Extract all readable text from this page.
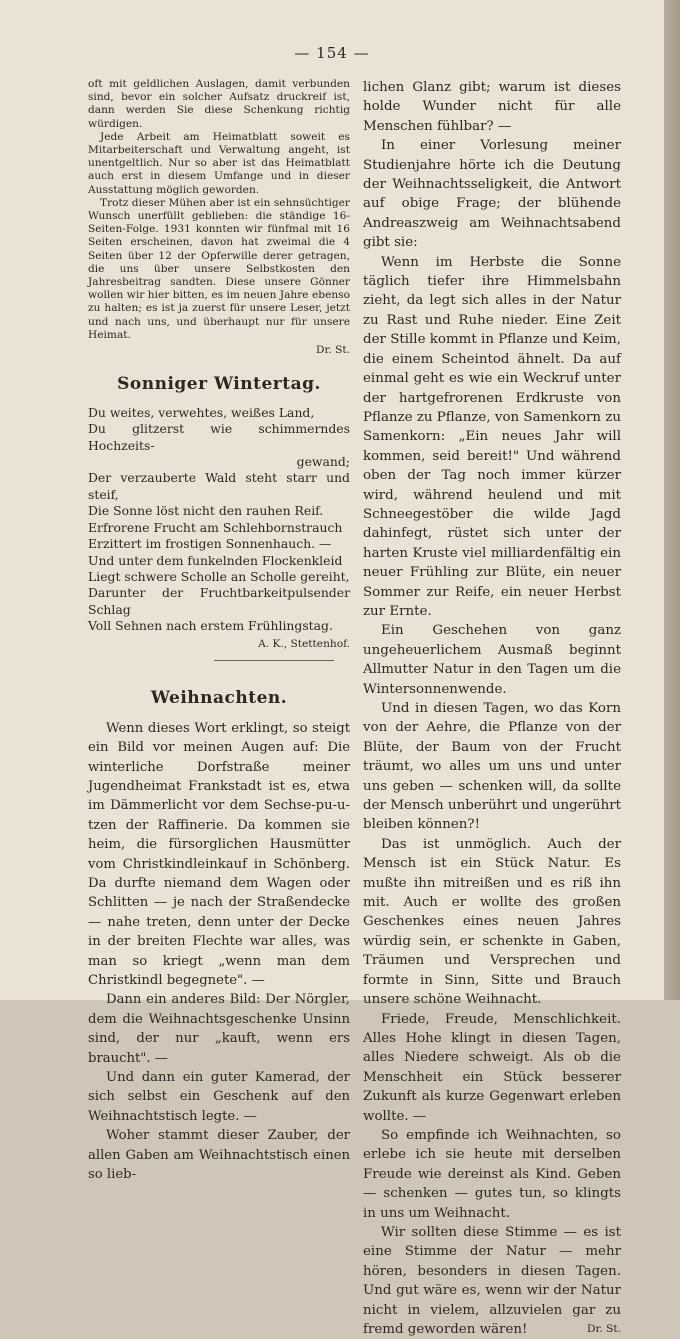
— 154 —

oft mit geldlichen Auslagen, damit verbunden sind, bevor ein solcher Aufsatz druckreif ist, dann werden Sie diese Schenkung richtig würdigen.

Jede Arbeit am Heimatblatt soweit es Mitarbeiterschaft und Verwaltung angeht, ist unentgeltlich. Nur so aber ist das Heimatblatt auch erst in diesem Umfange und in dieser Ausstattung möglich geworden.

Trotz dieser Mühen aber ist ein sehnsüchtiger Wunsch unerfüllt geblieben: die ständige 16-Seiten-Folge. 1931 konnten wir fünfmal mit 16 Seiten erscheinen, davon hat zweimal die 4 Seiten über 12 der Opferwille derer getragen, die uns über unsere Selbstkosten den Jahresbeitrag sandten. Diese unsere Gönner wollen wir hier bitten, es im neuen Jahre ebenso zu halten; es ist ja zuerst für unsere Leser, jetzt und nach uns, und überhaupt nur für unsere Heimat.

Dr. St.
Sonniger Wintertag.
Du weites, verwehtes, weißes Land,
Du glitzerst wie schimmerndes Hochzeits-
gewand;
Der verzauberte Wald steht starr und steif,
Die Sonne löst nicht den rauhen Reif.
Erfrorene Frucht am Schlehbornstrauch
Erzittert im frostigen Sonnenhauch. —
Und unter dem funkelnden Flockenkleid
Liegt schwere Scholle an Scholle gereiht,
Darunter der Fruchtbarkeitpulsender Schlag
Voll Sehnen nach erstem Frühlingstag.
A. K., Stettenhof.
Weihnachten.

Wenn dieses Wort erklingt, so steigt ein Bild vor meinen Augen auf: Die winterliche Dorfstraße meiner Jugendheimat Frankstadt ist es, etwa im Dämmerlicht vor dem Sechse-pu-u-tzen der Raffinerie. Da kommen sie heim, die fürsorglichen Hausmütter vom Christkindleinkauf in Schönberg. Da durfte niemand dem Wagen oder Schlitten — je nach der Straßendecke — nahe treten, denn unter der Decke in der breiten Flechte war alles, was man so kriegt „wenn man dem Christkindl begegnete". —

Dann ein anderes Bild: Der Nörgler, dem die Weihnachtsgeschenke Unsinn sind, der nur „kauft, wenn ers braucht". —

Und dann ein guter Kamerad, der sich selbst ein Geschenk auf den Weihnachtstisch legte. —

Woher stammt dieser Zauber, der allen Gaben am Weihnachtstisch einen so lieb-

lichen Glanz gibt; warum ist dieses holde Wunder nicht für alle Menschen fühlbar? —

In einer Vorlesung meiner Studienjahre hörte ich die Deutung der Weihnachtsseligkeit, die Antwort auf obige Frage; der blühende Andreaszweig am Weihnachtsabend gibt sie:

Wenn im Herbste die Sonne täglich tiefer ihre Himmelsbahn zieht, da legt sich alles in der Natur zu Rast und Ruhe nieder. Eine Zeit der Stille kommt in Pflanze und Keim, die einem Scheintod ähnelt. Da auf einmal geht es wie ein Weckruf unter der hartgefrorenen Erdkruste von Pflanze zu Pflanze, von Samenkorn zu Samenkorn: „Ein neues Jahr will kommen, seid bereit!" Und während oben der Tag noch immer kürzer wird, während heulend und mit Schneegestöber die wilde Jagd dahinfegt, rüstet sich unter der harten Kruste viel milliardenfältig ein neuer Frühling zur Blüte, ein neuer Sommer zur Reife, ein neuer Herbst zur Ernte.

Ein Geschehen von ganz ungeheuerlichem Ausmaß beginnt Allmutter Natur in den Tagen um die Wintersonnenwende.

Und in diesen Tagen, wo das Korn von der Aehre, die Pflanze von der Blüte, der Baum von der Frucht träumt, wo alles um uns und unter uns geben — schenken will, da sollte der Mensch unberührt und ungerührt bleiben können?!

Das ist unmöglich. Auch der Mensch ist ein Stück Natur. Es mußte ihn mitreißen und es riß ihn mit. Auch er wollte des großen Geschenkes eines neuen Jahres würdig sein, er schenkte in Gaben, Träumen und Versprechen und formte in Sinn, Sitte und Brauch unsere schöne Weihnacht.

Friede, Freude, Menschlichkeit. Alles Hohe klingt in diesen Tagen, alles Niedere schweigt. Als ob die Menschheit ein Stück besserer Zukunft als kurze Gegenwart erleben wollte. —

So empfinde ich Weihnachten, so erlebe ich sie heute mit derselben Freude wie dereinst als Kind. Geben — schenken — gutes tun, so klingts in uns um Weihnacht.

Wir sollten diese Stimme — es ist eine Stimme der Natur — mehr hören, besonders in diesen Tagen. Und gut wäre es, wenn wir der Natur nicht in vielem, allzuvielen gar zu fremd geworden wären!	Dr. St.
